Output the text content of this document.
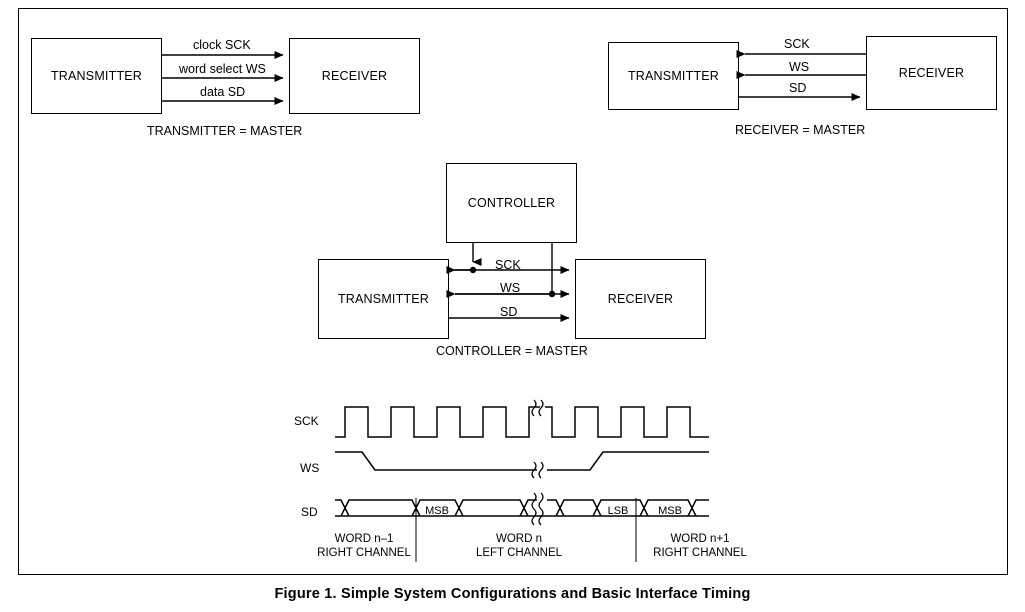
TRANSMITTER	RECEIVER
clock SCK
word select WS
data SD
TRANSMITTER = MASTER
TRANSMITTER	RECEIVER
SCK
WS
SD
RECEIVER = MASTER
CONTROLLER
TRANSMITTER	RECEIVER
SCK
WS
SD
CONTROLLER = MASTER
SCK
WS
SD	MSB	LSB	MSB
WORD n–1
RIGHT CHANNEL
WORD n
LEFT CHANNEL
WORD n+1
RIGHT CHANNEL
Figure 1. Simple System Configurations and Basic Interface Timing
